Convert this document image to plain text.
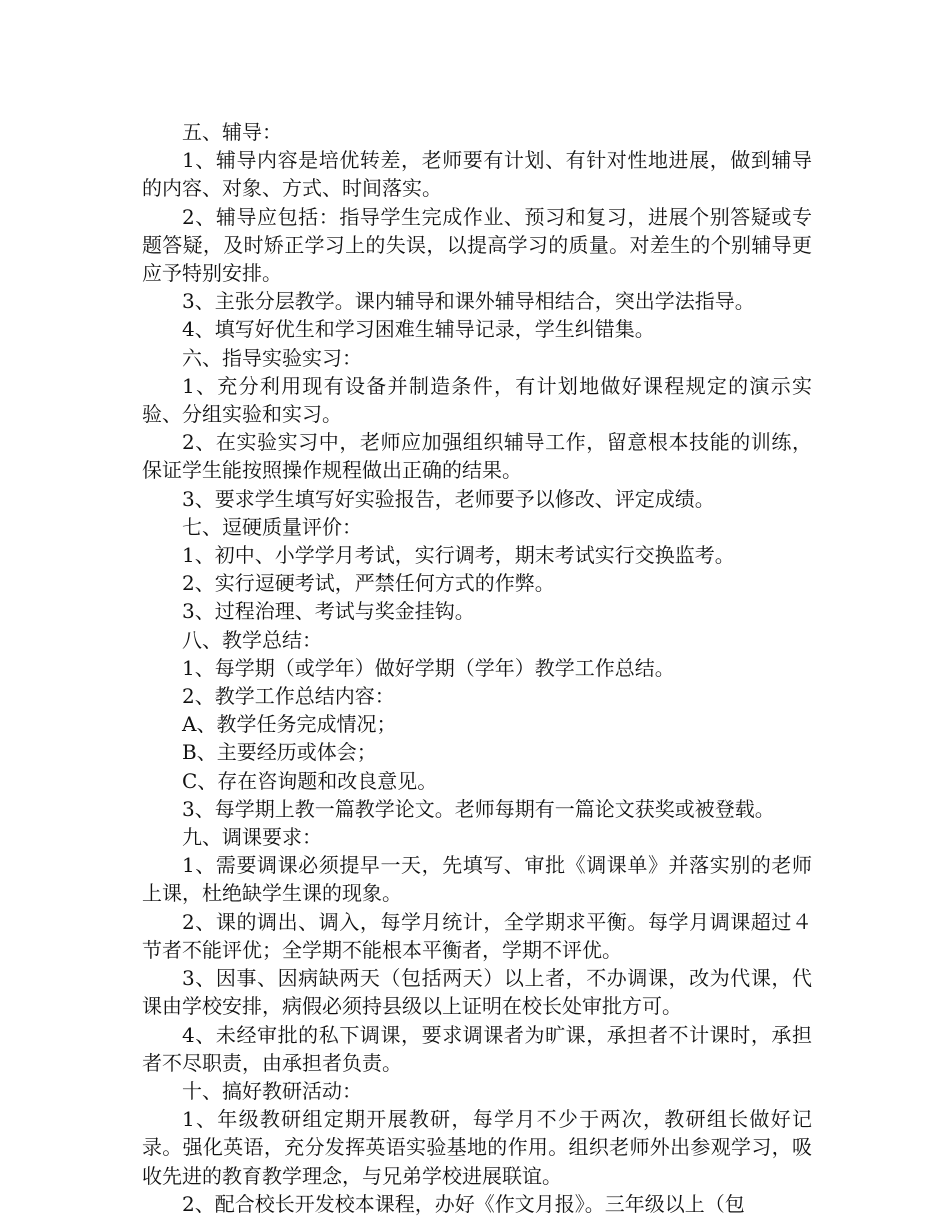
五、辅导：

1、辅导内容是培优转差，老师要有计划、有针对性地进展，做到辅导的内容、对象、方式、时间落实。

2、辅导应包括：指导学生完成作业、预习和复习，进展个别答疑或专题答疑，及时矫正学习上的失误，以提高学习的质量。对差生的个别辅导更应予特别安排。

3、主张分层教学。课内辅导和课外辅导相结合，突出学法指导。

4、填写好优生和学习困难生辅导记录，学生纠错集。

六、指导实验实习：

1、充分利用现有设备并制造条件，有计划地做好课程规定的演示实验、分组实验和实习。

2、在实验实习中，老师应加强组织辅导工作，留意根本技能的训练，保证学生能按照操作规程做出正确的结果。

3、要求学生填写好实验报告，老师要予以修改、评定成绩。

七、逗硬质量评价：

1、初中、小学学月考试，实行调考，期末考试实行交换监考。

2、实行逗硬考试，严禁任何方式的作弊。

3、过程治理、考试与奖金挂钩。

八、教学总结：

1、每学期（或学年）做好学期（学年）教学工作总结。

2、教学工作总结内容：

A、教学任务完成情况；

B、主要经历或体会；

C、存在咨询题和改良意见。

3、每学期上教一篇教学论文。老师每期有一篇论文获奖或被登载。

九、调课要求：

1、需要调课必须提早一天，先填写、审批《调课单》并落实别的老师上课，杜绝缺学生课的现象。

2、课的调出、调入，每学月统计，全学期求平衡。每学月调课超过４节者不能评优；全学期不能根本平衡者，学期不评优。

3、因事、因病缺两天（包括两天）以上者，不办调课，改为代课，代课由学校安排，病假必须持县级以上证明在校长处审批方可。

4、未经审批的私下调课，要求调课者为旷课，承担者不计课时，承担者不尽职责，由承担者负责。

十、搞好教研活动：

1、年级教研组定期开展教研，每学月不少于两次，教研组长做好记录。强化英语，充分发挥英语实验基地的作用。组织老师外出参观学习，吸收先进的教育教学理念，与兄弟学校进展联谊。

2、配合校长开发校本课程，办好《作文月报》。三年级以上（包
